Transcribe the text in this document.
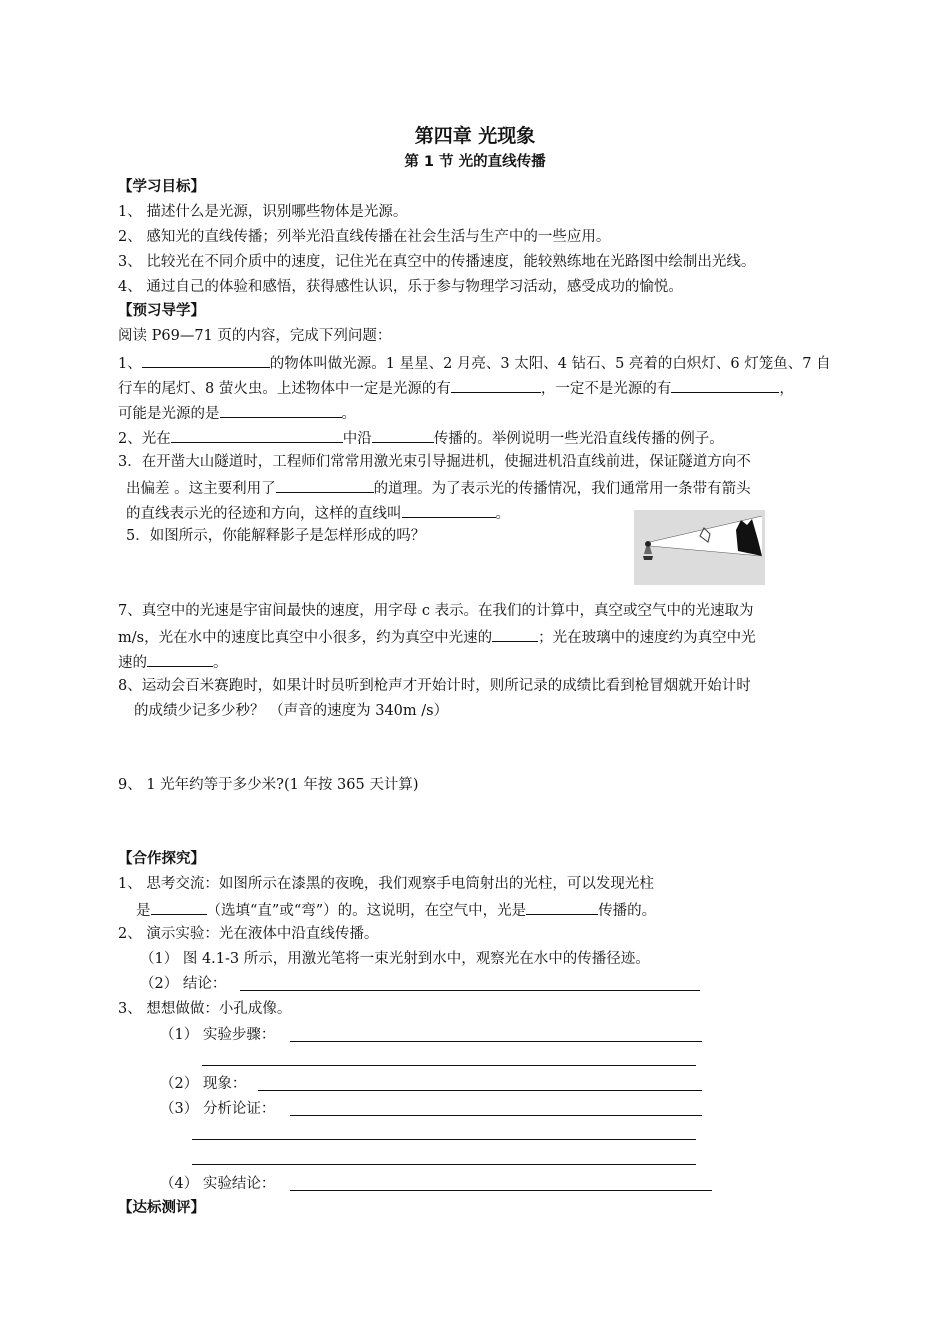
第四章 光现象
第 1 节 光的直线传播
【学习目标】
1、 描述什么是光源，识别哪些物体是光源。
2、 感知光的直线传播；列举光沿直线传播在社会生活与生产中的一些应用。
3、 比较光在不同介质中的速度，记住光在真空中的传播速度，能较熟练地在光路图中绘制出光线。
4、 通过自己的体验和感悟，获得感性认识，乐于参与物理学习活动，感受成功的愉悦。
【预习导学】
阅读 P69—71 页的内容，完成下列问题：
1、	的物体叫做光源。1 星星、2 月亮、3 太阳、4 钻石、5 亮着的白炽灯、6 灯笼鱼、7 自
行车的尾灯、8 萤火虫。上述物体中一定是光源的有	，一定不是光源的有	，
可能是光源的是	。
2、光在	中沿	传播的。举例说明一些光沿直线传播的例子。
3．在开凿大山隧道时，工程师们常常用激光束引导掘进机，使掘进机沿直线前进，保证隧道方向不
出偏差 。这主要利用了	的道理。为了表示光的传播情况，我们通常用一条带有箭头
的直线表示光的径迹和方向，这样的直线叫	。
5．如图所示，你能解释影子是怎样形成的吗？
7、真空中的光速是宇宙间最快的速度，用字母 c 表示。在我们的计算中，真空或空气中的光速取为
m/s，光在水中的速度比真空中小很多，约为真空中光速的	；光在玻璃中的速度约为真空中光
速的	。
8、运动会百米赛跑时，如果计时员听到枪声才开始计时，则所记录的成绩比看到枪冒烟就开始计时
的成绩少记多少秒？ （声音的速度为 340m /s）
9、 1 光年约等于多少米?(1 年按 365 天计算)
【合作探究】
1、 思考交流：如图所示在漆黑的夜晚，我们观察手电筒射出的光柱，可以发现光柱
是	（选填“直”或“弯”）的。这说明，在空气中，光是	传播的。
2、 演示实验：光在液体中沿直线传播。
（1） 图 4.1-3 所示，用激光笔将一束光射到水中，观察光在水中的传播径迹。
（2） 结论：
3、 想想做做：小孔成像。
（1） 实验步骤：
（2） 现象：
（3） 分析论证：
（4） 实验结论：
【达标测评】
